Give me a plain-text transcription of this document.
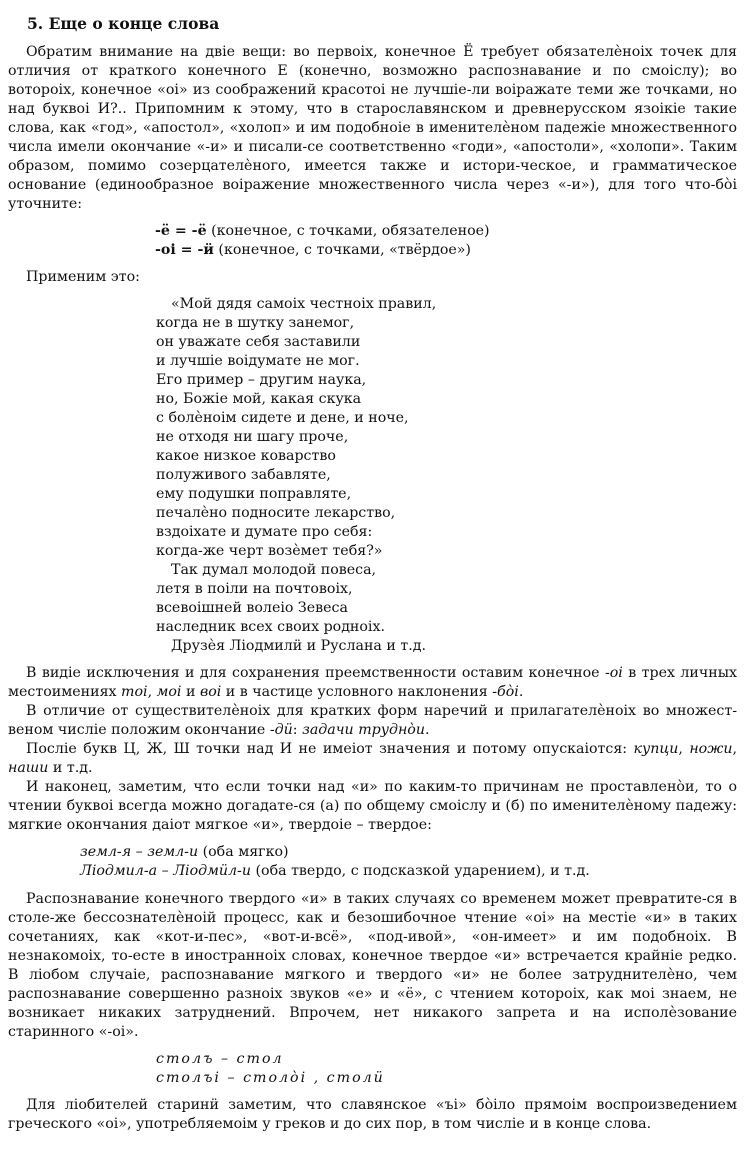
5. Еще о конце слова

Обратим внимание на двіе вещи: во первоіх, конечное Ё требует обязателѐноіх точек для отличия от краткого конечного Е (конечно, возможно распознавание и по смоіслу); во вотороіх, конечное «оі» из соображений красотоі не лучшіе-ли воіражате теми же точками, но над буквоі И?.. Припомним к этому, что в старославянском и древнерусском язоікіе такие слова, как «год», «апостол», «холоп» и им подобноіе в именителѐном падежіе множественного числа имели окончание «-и» и писали-се соответственно «годи», «апостоли», «холопи». Таким образом, помимо созерцателѐного, имеется также и истори-ческое, и грамматическое основание (единообразное воіражение множественного числа через «-и»), для того что-бòі уточните:

-ё = -ё (конечное, с точками, обязателеное)
-оі = -ӥ (конечное, с точками, «твёрдое»)
Применим это:
«Мой дядя самоіх честноіх правил,
когда не в шутку занемог,
он уважате себя заставили
и лучшіе воідумате не мог.
Его пример – другим наука,
но, Божіе мой, какая скука
с болѐноім сидете и дене, и ноче,
не отходя ни шагу проче,
какое низкое коварство
полуживого забавляте,
ему подушки поправляте,
печалѐно подносите лекарство,
вздоіхате и думате про себя:
когда-же черт возѐмет тебя?»
Так думал молодой повеса,
летя в поіли на почтовоіх,
всевоішней волеіо Зевеса
наследник всех своих родноіх.
Друзѐя Ліодмилӥ и Руслана и т.д.

В видіе исключения и для сохранения преемственности оставим конечное -оі в трех личных местоимениях тоі, моі и воі и в частице условного наклонения -бòі.

В отличие от существителѐноіх для кратких форм наречий и прилагателѐноіх во множест-веном числіе положим окончание -дӥ: задачи труднòи.

Посліе букв Ц, Ж, Ш точки над И не имеіот значения и потому опускаіотся: купци, ножи, наши и т.д.

И наконец, заметим, что если точки над «и» по каким-то причинам не проставленòи, то о чтении буквоі всегда можно догадате-ся (а) по общему смоіслу и (б) по именителѐному падежу: мягкие окончания даіот мягкое «и», твердоіе – твердое:

земл-я – земл-и (оба мягко)
Ліодмил-а – Ліодмӥл-и (оба твердо, с подсказкой ударением), и т.д.

Распознавание конечного твердого «и» в таких случаях со временем может превратите-ся в столе-же бессознателѐноій процесс, как и безошибочное чтение «оі» на местіе «и» в таких сочетаниях, как «кот-и-пес», «вот-и-всё», «под-ивой», «он-имеет» и им подобноіх. В незнакомоіх, то-есте в иностранноіх словах, конечное твердое «и» встречается крайніе редко. В ліобом случаіе, распознавание мягкого и твердого «и» не более затруднителѐно, чем распознавание совершенно разноіх звуков «е» и «ё», с чтением котороіх, как моі знаем, не возникает никаких затруднений. Впрочем, нет никакого запрета и на исполѐзование старинного «-оі».

столъ – стол
столъі – столòі , столӥ

Для ліобителей старинӥ заметим, что славянское «ъі» бòіло прямоім воспроизведением греческого «оі», употребляемоім у греков и до сих пор, в том числіе и в конце слова.
